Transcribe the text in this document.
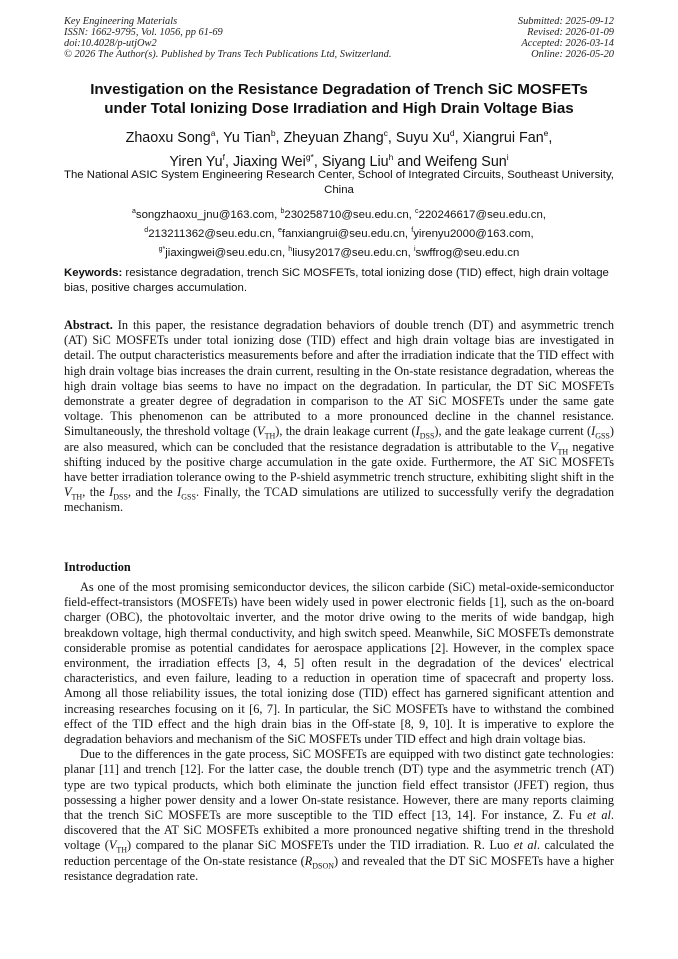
Key Engineering Materials
ISSN: 1662-9795, Vol. 1056, pp 61-69
doi:10.4028/p-utjOw2
© 2026 The Author(s). Published by Trans Tech Publications Ltd, Switzerland.
Submitted: 2025-09-12
Revised: 2026-01-09
Accepted: 2026-03-14
Online: 2026-05-20
Investigation on the Resistance Degradation of Trench SiC MOSFETs
under Total Ionizing Dose Irradiation and High Drain Voltage Bias
Zhaoxu Song$^a$, Yu Tian$^b$, Zheyuan Zhang$^c$, Suyu Xu$^d$, Xiangrui Fan$^e$,
Yiren Yu$^f$, Jiaxing Wei$^{g*}$, Siyang Liu$^h$ and Weifeng Sun$^i$
The National ASIC System Engineering Research Center, School of Integrated Circuits, Southeast University, China
$^a$songzhaoxu_jnu@163.com, $^b$230258710@seu.edu.cn, $^c$220246617@seu.edu.cn,
$^d$213211362@seu.edu.cn, $^e$fanxiangrui@seu.edu.cn, $^f$yirenyu2000@163.com,
$^{g*}$jiaxingwei@seu.edu.cn, $^h$liusy2017@seu.edu.cn, $^i$swffrog@seu.edu.cn
Keywords: resistance degradation, trench SiC MOSFETs, total ionizing dose (TID) effect, high drain voltage bias, positive charges accumulation.
Abstract. In this paper, the resistance degradation behaviors of double trench (DT) and asymmetric trench (AT) SiC MOSFETs under total ionizing dose (TID) effect and high drain voltage bias are investigated in detail. The output characteristics measurements before and after the irradiation indicate that the TID effect with high drain voltage bias increases the drain current, resulting in the On-state resistance degradation, whereas the high drain voltage bias seems to have no impact on the degradation. In particular, the DT SiC MOSFETs demonstrate a greater degree of degradation in comparison to the AT SiC MOSFETs under the same gate voltage. This phenomenon can be attributed to a more pronounced decline in the channel resistance. Simultaneously, the threshold voltage $(V_{TH})$, the drain leakage current $(I_{DSS})$, and the gate leakage current $(I_{GSS})$ are also measured, which can be concluded that the resistance degradation is attributable to the $V_{TH}$ negative shifting induced by the positive charge accumulation in the gate oxide. Furthermore, the AT SiC MOSFETs have better irradiation tolerance owing to the P-shield asymmetric trench structure, exhibiting slight shift in the $V_{TH}$, the $I_{DSS}$, and the $I_{GSS}$. Finally, the TCAD simulations are utilized to successfully verify the degradation mechanism.
Introduction

As one of the most promising semiconductor devices, the silicon carbide (SiC) metal-oxide-semiconductor field-effect-transistors (MOSFETs) have been widely used in power electronic fields [1], such as the on-board charger (OBC), the photovoltaic inverter, and the motor drive owing to the merits of wide bandgap, high breakdown voltage, high thermal conductivity, and high switch speed. Meanwhile, SiC MOSFETs demonstrate considerable promise as potential candidates for aerospace applications [2]. However, in the complex space environment, the irradiation effects [3, 4, 5] often result in the degradation of the devices' electrical characteristics, and even failure, leading to a reduction in operation time of spacecraft and property loss. Among all those reliability issues, the total ionizing dose (TID) effect has garnered significant attention and increasing researches focusing on it [6, 7]. In particular, the SiC MOSFETs have to withstand the combined effect of the TID effect and the high drain bias in the Off-state [8, 9, 10]. It is imperative to explore the degradation behaviors and mechanism of the SiC MOSFETs under TID effect and high drain voltage bias.

Due to the differences in the gate process, SiC MOSFETs are equipped with two distinct gate technologies: planar [11] and trench [12]. For the latter case, the double trench (DT) type and the asymmetric trench (AT) type are two typical products, which both eliminate the junction field effect transistor (JFET) region, thus possessing a higher power density and a lower On-state resistance. However, there are many reports claiming that the trench SiC MOSFETs are more susceptible to the TID effect [13, 14]. For instance, Z. Fu et al. discovered that the AT SiC MOSFETs exhibited a more pronounced negative shifting trend in the threshold voltage $(V_{TH})$ compared to the planar SiC MOSFETs under the TID irradiation. R. Luo et al. calculated the reduction percentage of the On-state resistance $(R_{DSON})$ and revealed that the DT SiC MOSFETs have a higher resistance degradation rate.
